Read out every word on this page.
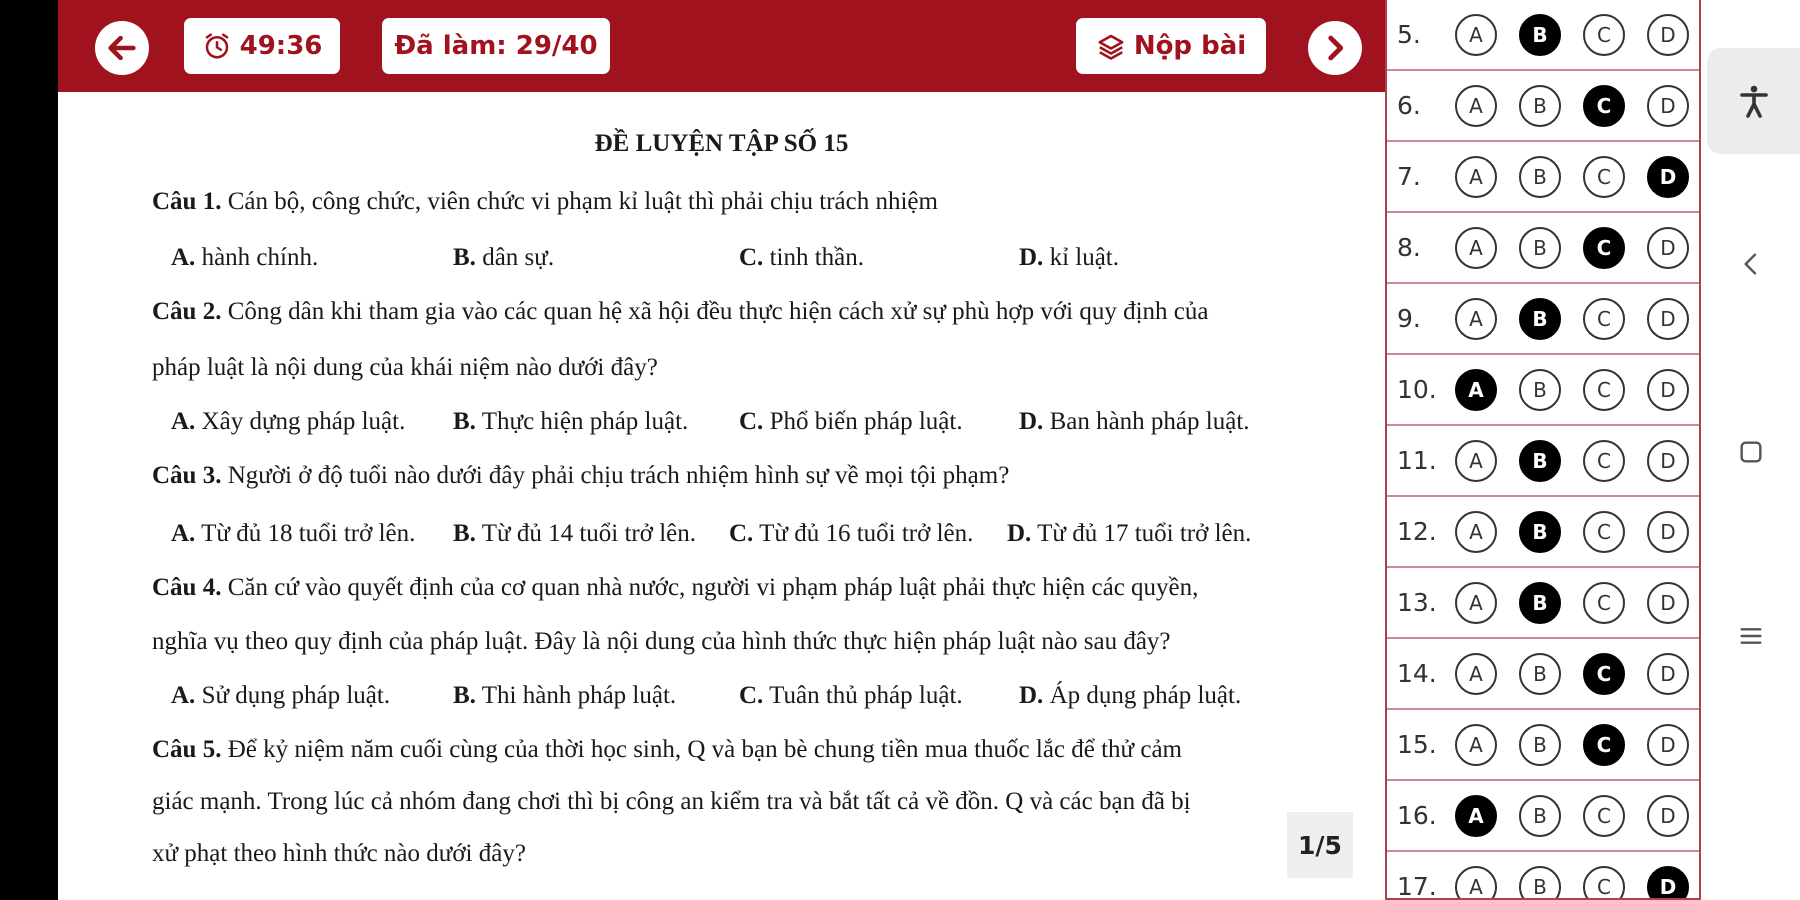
49:36	Đã làm: 29/40	Nộp bài
ĐỀ LUYỆN TẬP SỐ 15
Câu 1. Cán bộ, công chức, viên chức vi phạm kỉ luật thì phải chịu trách nhiệm
A. hành chính.	B. dân sự.	C. tinh thần.	D. kỉ luật.
Câu 2. Công dân khi tham gia vào các quan hệ xã hội đều thực hiện cách xử sự phù hợp với quy định của
pháp luật là nội dung của khái niệm nào dưới đây?
A. Xây dựng pháp luật. B. Thực hiện pháp luật. C. Phổ biến pháp luật. D. Ban hành pháp luật.
Câu 3. Người ở độ tuổi nào dưới đây phải chịu trách nhiệm hình sự về mọi tội phạm?
A. Từ đủ 18 tuổi trở lên. B. Từ đủ 14 tuổi trở lên. C. Từ đủ 16 tuổi trở lên. D. Từ đủ 17 tuổi trở lên.
Câu 4. Căn cứ vào quyết định của cơ quan nhà nước, người vi phạm pháp luật phải thực hiện các quyền,
nghĩa vụ theo quy định của pháp luật. Đây là nội dung của hình thức thực hiện pháp luật nào sau đây?
A. Sử dụng pháp luật.	B. Thi hành pháp luật.	C. Tuân thủ pháp luật. D. Áp dụng pháp luật.
Câu 5. Để kỷ niệm năm cuối cùng của thời học sinh, Q và bạn bè chung tiền mua thuốc lắc để thử cảm
giác mạnh. Trong lúc cả nhóm đang chơi thì bị công an kiểm tra và bắt tất cả về đồn. Q và các bạn đã bị
xử phạt theo hình thức nào dưới đây?	1/5
5.	A	B	C	D
6.	A	B	C	D
7.	A	B	C	D
8.	A	B	C	D
9.	A	B	C	D
10.	A	B	C	D
11.	A	B	C	D
12.	A	B	C	D
13.	A	B	C	D
14.	A	B	C	D
15.	A	B	C	D
16.	A	B	C	D
17.	A	B	C	D
